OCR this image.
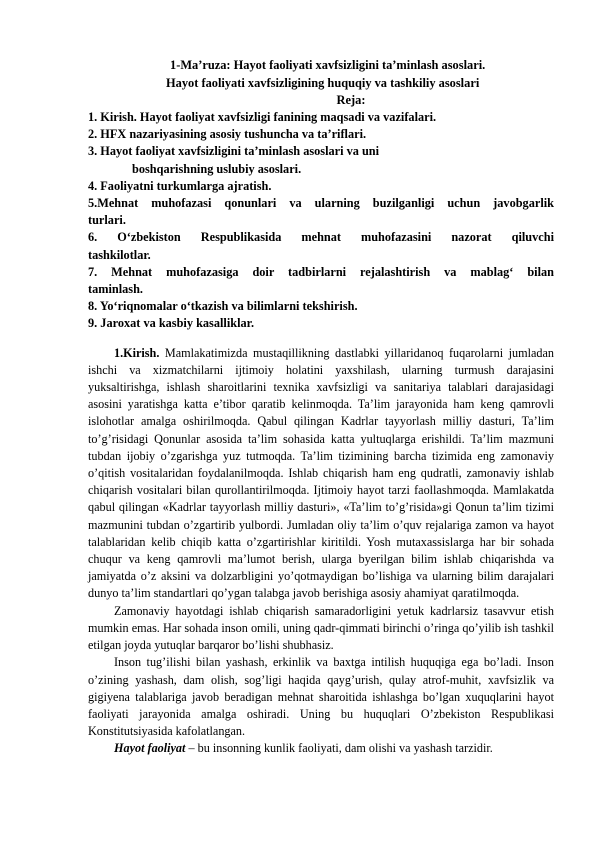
1-Ma’ruza: Hayot faoliyati xavfsizligini ta’minlash asoslari.
Hayot faoliyati xavfsizligining huquqiy va tashkiliy asoslari
Reja:
1. Kirish. Hayot faoliyat xavfsizligi fanining maqsadi va vazifalari.
2. HFX nazariyasining asosiy tushuncha va ta’riflari.
3. Hayot faoliyat xavfsizligini ta’minlash asoslari va uni
boshqarishning uslubiy asoslari.
4. Faoliyatni turkumlarga ajratish.
5.Mehnat muhofazasi qonunlari va ularning buzilganligi uchun javobgarlik
turlari.
6. O‘zbekiston Respublikasida mehnat muhofazasini nazorat qiluvchi
tashkilotlar.
7. Mehnat muhofazasiga doir tadbirlarni rejalashtirish va mablag‘ bilan
taminlash.
8. Yo‘riqnomalar o‘tkazish va bilimlarni tekshirish.
9. Jaroxat va kasbiy kasalliklar.

1.Kirish. Mamlakatimizda mustaqillikning dastlabki yillaridanoq fuqarolarni jumladan ishchi va xizmatchilarni ijtimoiy holatini yaxshilash, ularning turmush darajasini yuksaltirishga, ishlash sharoitlarini texnika xavfsizligi va sanitariya talablari darajasidagi asosini yaratishga katta e’tibor qaratib kelinmoqda. Ta’lim jarayonida ham keng qamrovli islohotlar amalga oshirilmoqda. Qabul qilingan Kadrlar tayyorlash milliy dasturi, Ta’lim to’g’risidagi Qonunlar asosida ta’lim sohasida katta yultuqlarga erishildi. Ta’lim mazmuni tubdan ijobiy o’zgarishga yuz tutmoqda. Ta’lim tizimining barcha tizimida eng zamonaviy o’qitish vositalaridan foydalanilmoqda. Ishlab chiqarish ham eng qudratli, zamonaviy ishlab chiqarish vositalari bilan qurollantirilmoqda. Ijtimoiy hayot tarzi faollashmoqda. Mamlakatda qabul qilingan «Kadrlar tayyorlash milliy dasturi», «Ta’lim to’g’risida»gi Qonun ta’lim tizimi mazmunini tubdan o’zgartirib yulbordi. Jumladan oliy ta’lim o’quv rejalariga zamon va hayot talablaridan kelib chiqib katta o’zgartirishlar kiritildi. Yosh mutaxassislarga har bir sohada chuqur va keng qamrovli ma’lumot berish, ularga byerilgan bilim ishlab chiqarishda va jamiyatda o’z aksini va dolzarbligini yo’qotmaydigan bo’lishiga va ularning bilim darajalari dunyo ta’lim standartlari qo’ygan talabga javob berishiga asosiy ahamiyat qaratilmoqda.

Zamonaviy hayotdagi ishlab chiqarish samaradorligini yetuk kadrlarsiz tasavvur etish mumkin emas. Har sohada inson omili, uning qadr-qimmati birinchi o’ringa qo’yilib ish tashkil etilgan joyda yutuqlar barqaror bo’lishi shubhasiz.

Inson tug’ilishi bilan yashash, erkinlik va baxtga intilish huquqiga ega bo’ladi. Inson o’zining yashash, dam olish, sog’ligi haqida qayg’urish, qulay atrof-muhit, xavfsizlik va gigiyena talablariga javob beradigan mehnat sharoitida ishlashga bo’lgan xuquqlarini hayot faoliyati jarayonida amalga oshiradi. Uning bu huquqlari O’zbekiston Respublikasi Konstitutsiyasida kafolatlangan.

Hayot faoliyat – bu insonning kunlik faoliyati, dam olishi va yashash tarzidir.
